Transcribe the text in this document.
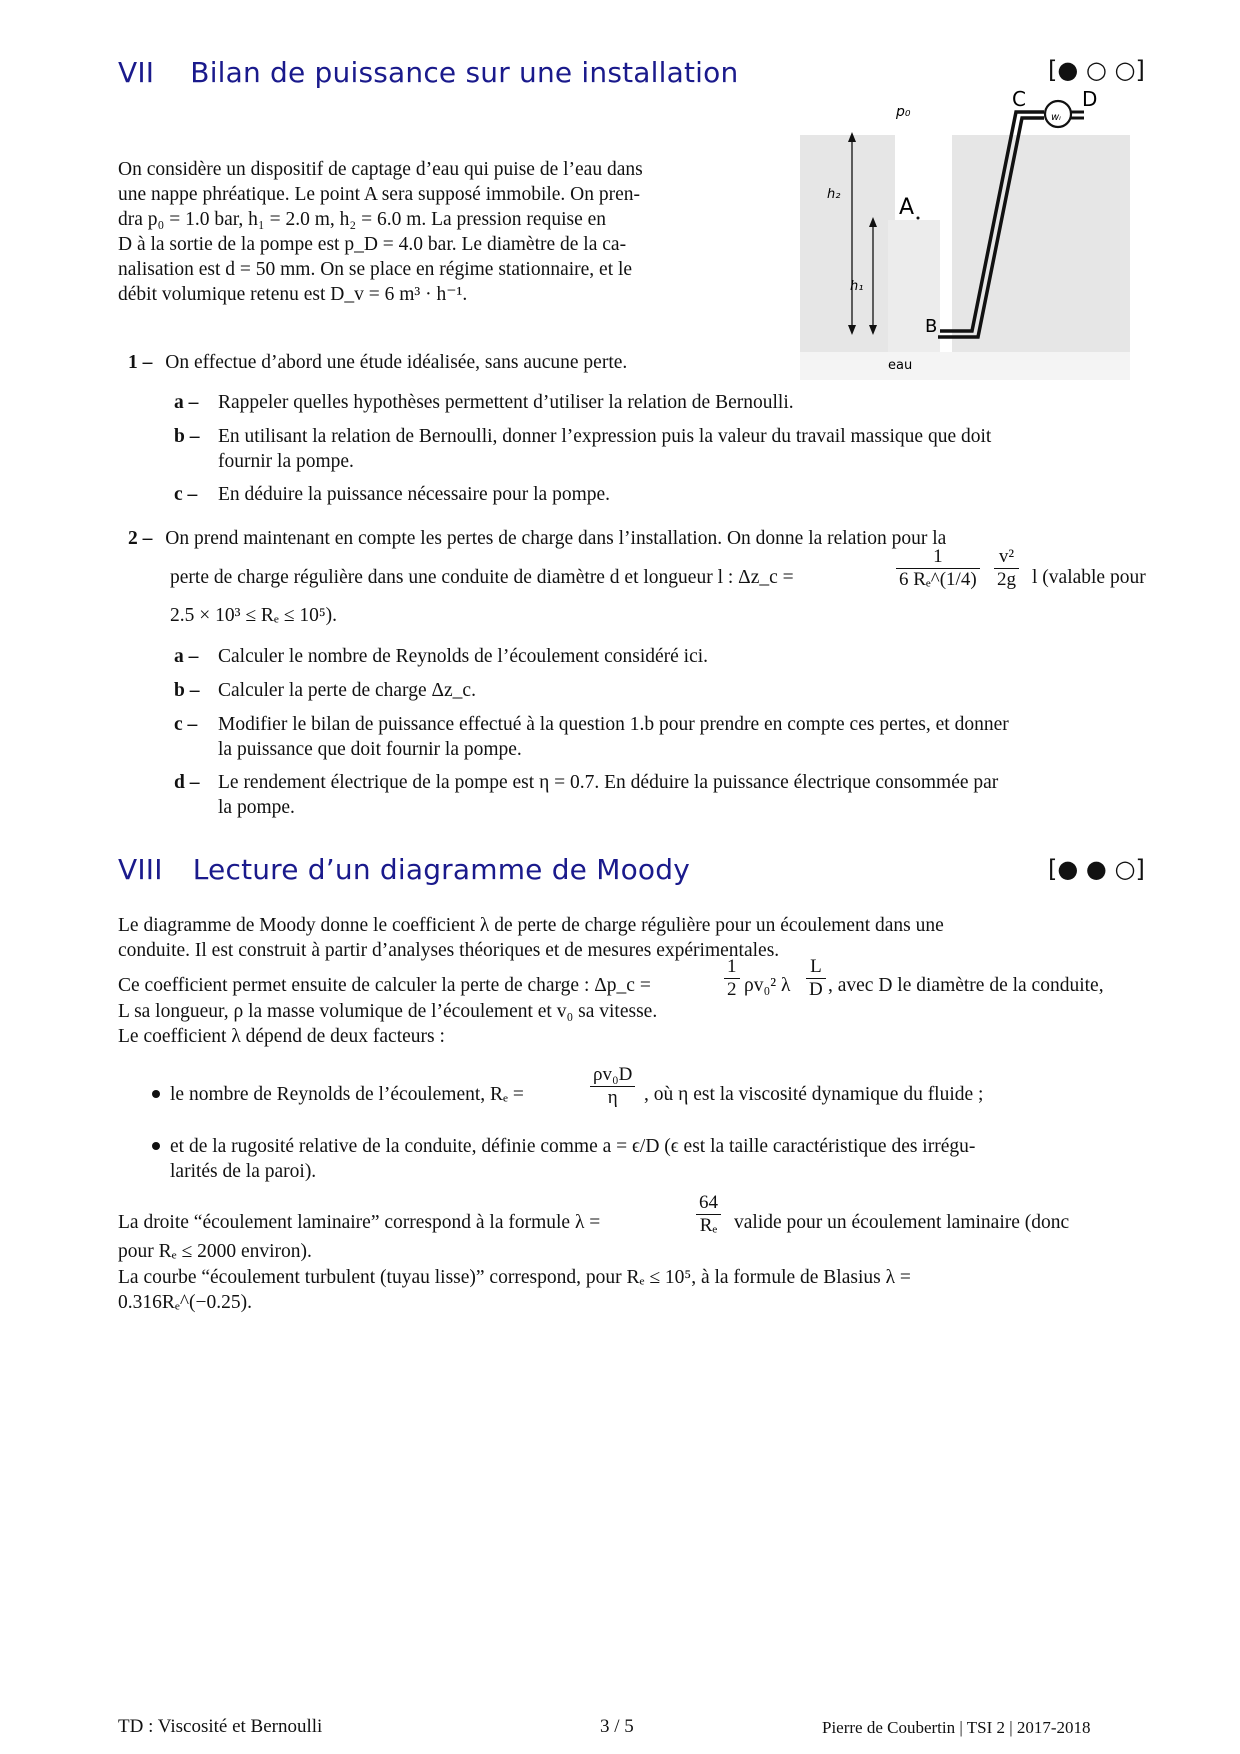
VII Bilan de puissance sur une installation	[● ○ ○]
On considère un dispositif de captage d’eau qui puise de l’eau dans
une nappe phréatique. Le point A sera supposé immobile. On pren-
dra p₀ = 1.0 bar, h₁ = 2.0 m, h₂ = 6.0 m. La pression requise en
D à la sortie de la pompe est p_D = 4.0 bar. Le diamètre de la ca-
nalisation est d = 50 mm. On se place en régime stationnaire, et le
débit volumique retenu est D_v = 6 m³ · h⁻¹.
p₀
h₂
h₁
A
B
C	D
wᵢ
eau
1 – On effectue d’abord une étude idéalisée, sans aucune perte.
a – Rappeler quelles hypothèses permettent d’utiliser la relation de Bernoulli.
b – En utilisant la relation de Bernoulli, donner l’expression puis la valeur du travail massique que doit
fournir la pompe.
c – En déduire la puissance nécessaire pour la pompe.
2 – On prend maintenant en compte les pertes de charge dans l’installation. On donne la relation pour la
perte de charge régulière dans une conduite de diamètre d et longueur l : Δz_c =	$\frac{1}{\text{6 Rₑ\textasciicircum{}(1/4)}} \frac{\text{v²}}{2g}$ l (valable pour
2.5 × 10³ ≤ Rₑ ≤ 10⁵).
a – Calculer le nombre de Reynolds de l’écoulement considéré ici.
b – Calculer la perte de charge Δz_c.
c – Modifier le bilan de puissance effectué à la question 1.b pour prendre en compte ces pertes, et donner
la puissance que doit fournir la pompe.
d – Le rendement électrique de la pompe est η = 0.7. En déduire la puissance électrique consommée par
la pompe.
VIII Lecture d’un diagramme de Moody	[● ● ○]
Le diagramme de Moody donne le coefficient λ de perte de charge régulière pour un écoulement dans une
conduite. Il est construit à partir d’analyses théoriques et de mesures expérimentales.
Ce coefficient permet ensuite de calculer la perte de charge : Δp_c =	$\frac{1}{2} \rho v_0^2$ λ $\frac{L}{D}$ , avec D le diamètre de la conduite,
L sa longueur, ρ la masse volumique de l’écoulement et v₀ sa vitesse.
Le coefficient λ dépend de deux facteurs :
le nombre de Reynolds de l’écoulement, Rₑ =	$\frac{\text{ρv₀D}}{\eta}$ , où η est la viscosité dynamique du fluide ;
et de la rugosité relative de la conduite, définie comme a = ϵ/D (ϵ est la taille caractéristique des irrégu-
larités de la paroi).
La droite “écoulement laminaire” correspond à la formule λ =	$\frac{64}{\text{Rₑ}}$ valide pour un écoulement laminaire (donc
pour Rₑ ≤ 2000 environ).
La courbe “écoulement turbulent (tuyau lisse)” correspond, pour Rₑ ≤ 10⁵, à la formule de Blasius λ =
0.316Rₑ^(−0.25).
TD : Viscosité et Bernoulli	3 / 5	Pierre de Coubertin | TSI 2 | 2017-2018
